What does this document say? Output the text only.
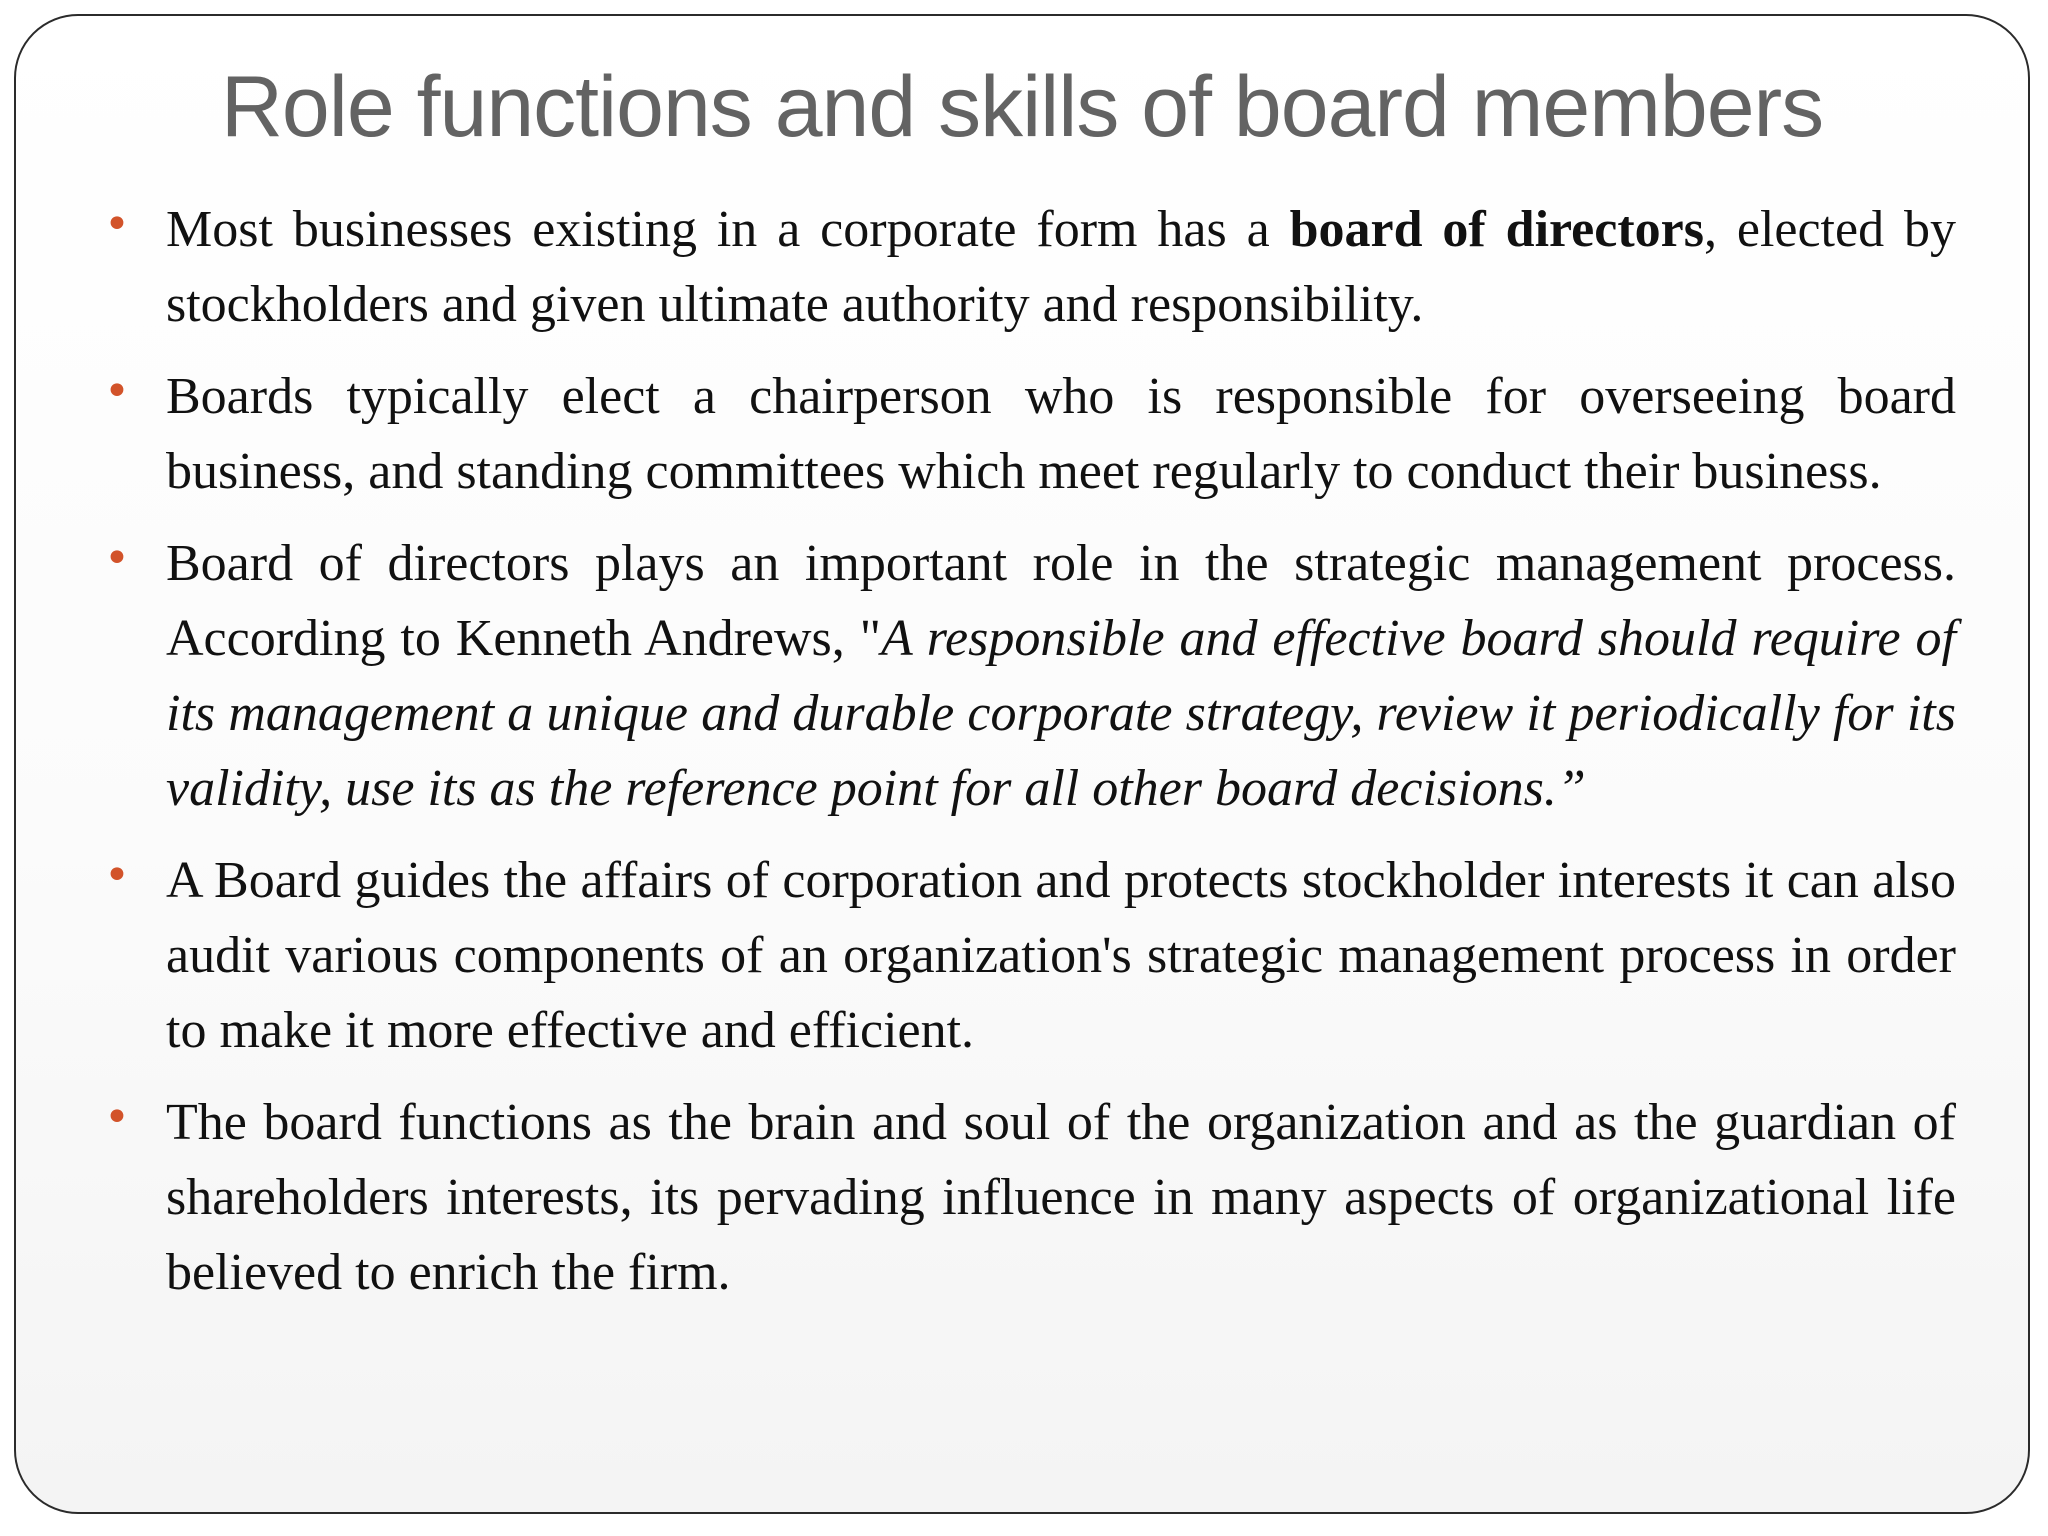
Role functions and skills of board members
• Most businesses existing in a corporate form has a board of directors, elected by stockholders and given ultimate authority and responsibility.
• Boards typically elect a chairperson who is responsible for overseeing board business, and standing committees which meet regularly to conduct their business.
• Board of directors plays an important role in the strategic management process. According to Kenneth Andrews, "A responsible and effective board should require of its management a unique and durable corporate strategy, review it periodically for its validity, use its as the reference point for all other board decisions.”
• A Board guides the affairs of corporation and protects stockholder interests it can also audit various components of an organization's strategic management process in order to make it more effective and efficient.
• The board functions as the brain and soul of the organization and as the guardian of shareholders interests, its pervading influence in many aspects of organizational life believed to enrich the firm.
